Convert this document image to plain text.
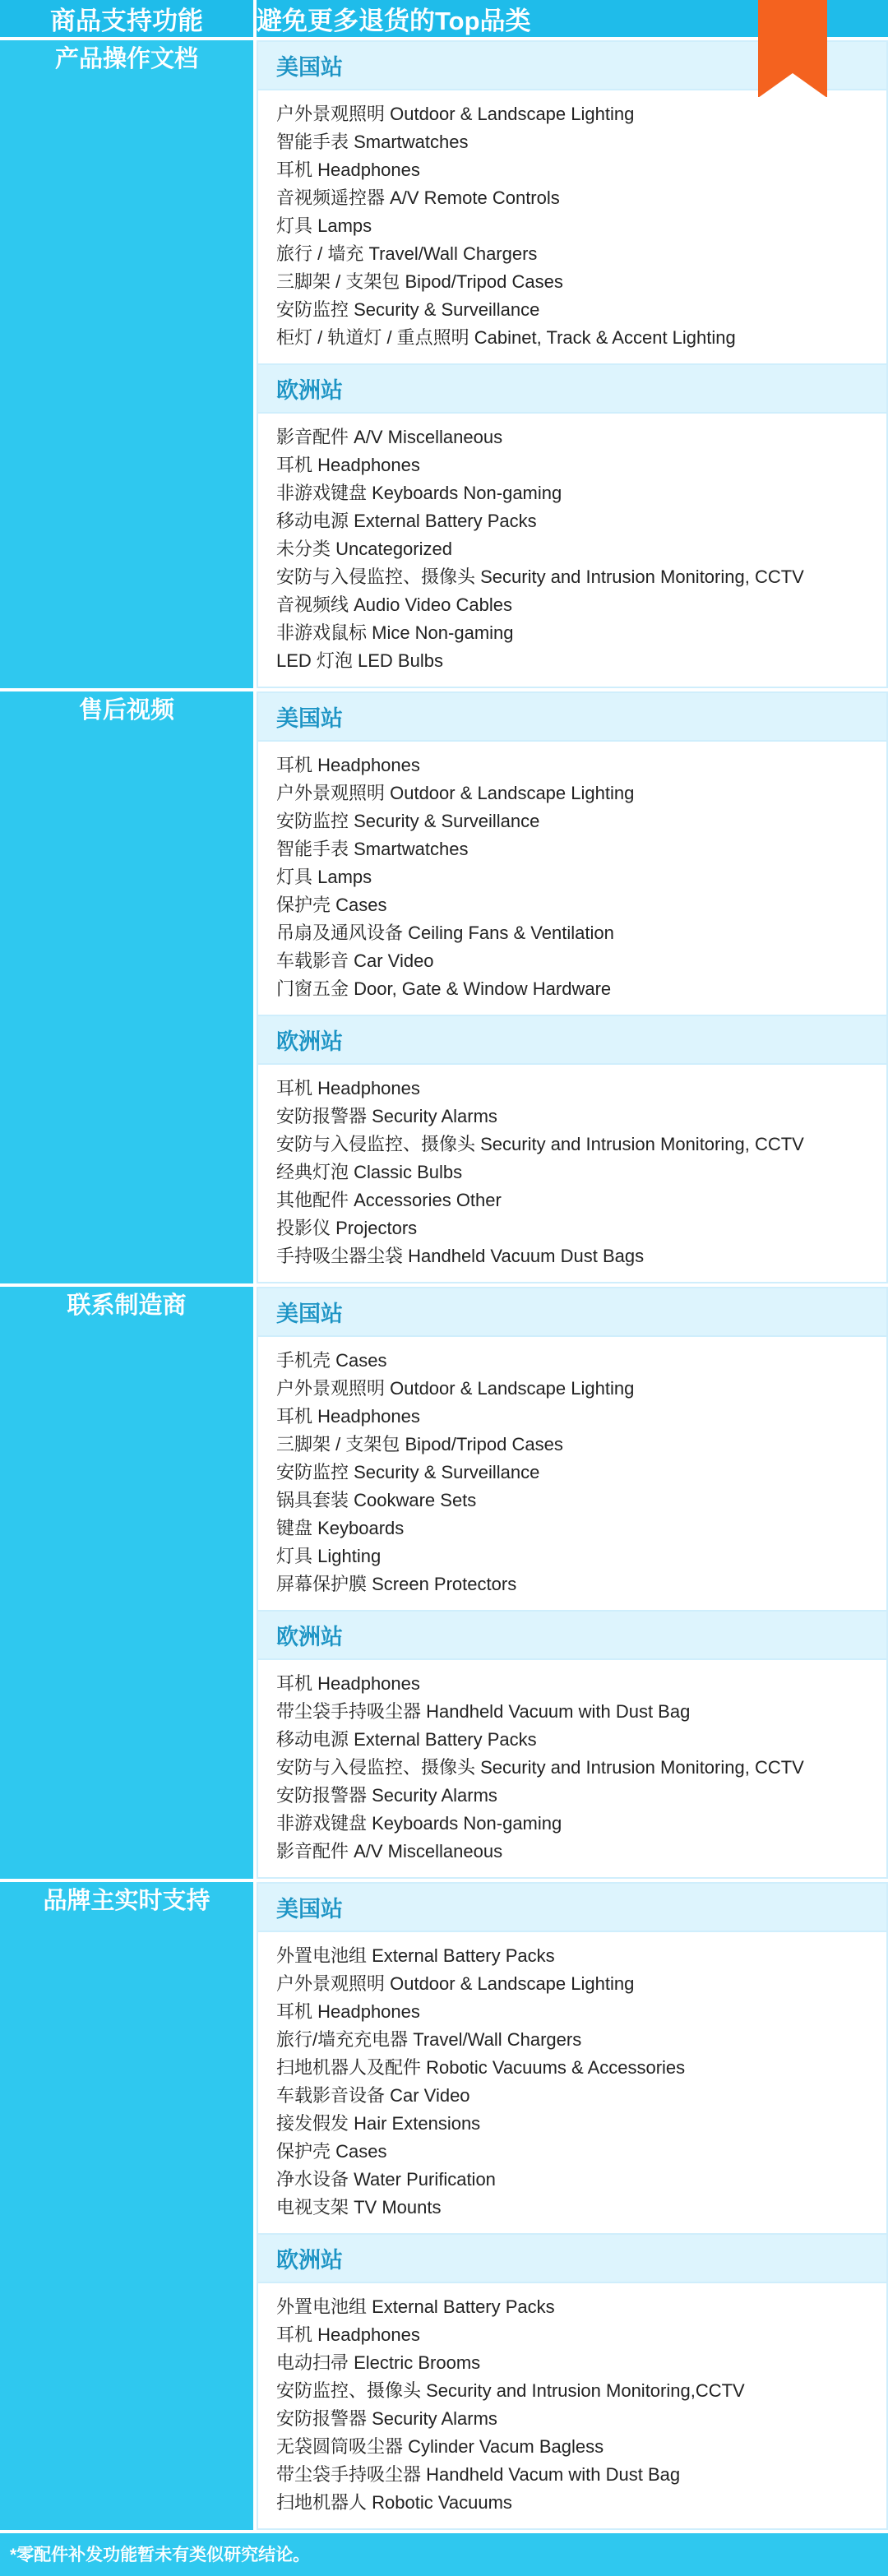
商品支持功能	避免更多退货的Top品类
产品操作文档	美国站
户外景观照明 Outdoor & Landscape Lighting
智能手表 Smartwatches
耳机 Headphones
音视频遥控器 A/V Remote Controls
灯具 Lamps
旅行 / 墙充 Travel/Wall Chargers
三脚架 / 支架包 Bipod/Tripod Cases
安防监控 Security & Surveillance
柜灯 / 轨道灯 / 重点照明 Cabinet, Track & Accent Lighting
欧洲站
影音配件 A/V Miscellaneous
耳机 Headphones
非游戏键盘 Keyboards Non-gaming
移动电源 External Battery Packs
未分类 Uncategorized
安防与入侵监控、摄像头 Security and Intrusion Monitoring, CCTV
音视频线 Audio Video Cables
非游戏鼠标 Mice Non-gaming
LED 灯泡 LED Bulbs

售后视频	美国站
耳机 Headphones
户外景观照明 Outdoor & Landscape Lighting
安防监控 Security & Surveillance
智能手表 Smartwatches
灯具 Lamps
保护壳 Cases
吊扇及通风设备 Ceiling Fans & Ventilation
车载影音 Car Video
门窗五金 Door, Gate & Window Hardware
欧洲站
耳机 Headphones
安防报警器 Security Alarms
安防与入侵监控、摄像头 Security and Intrusion Monitoring, CCTV
经典灯泡 Classic Bulbs
其他配件 Accessories Other
投影仪 Projectors
手持吸尘器尘袋 Handheld Vacuum Dust Bags

联系制造商	美国站
手机壳 Cases
户外景观照明 Outdoor & Landscape Lighting
耳机 Headphones
三脚架 / 支架包 Bipod/Tripod Cases
安防监控 Security & Surveillance
锅具套装 Cookware Sets
键盘 Keyboards
灯具 Lighting
屏幕保护膜 Screen Protectors
欧洲站
耳机 Headphones
带尘袋手持吸尘器 Handheld Vacuum with Dust Bag
移动电源 External Battery Packs
安防与入侵监控、摄像头 Security and Intrusion Monitoring, CCTV
安防报警器 Security Alarms
非游戏键盘 Keyboards Non-gaming
影音配件 A/V Miscellaneous

品牌主实时支持	美国站
外置电池组 External Battery Packs
户外景观照明 Outdoor & Landscape Lighting
耳机 Headphones
旅行/墙充充电器 Travel/Wall Chargers
扫地机器人及配件 Robotic Vacuums & Accessories
车载影音设备 Car Video
接发假发 Hair Extensions
保护壳 Cases
净水设备 Water Purification
电视支架 TV Mounts
欧洲站
外置电池组 External Battery Packs
耳机 Headphones
电动扫帚 Electric Brooms
安防监控、摄像头 Security and Intrusion Monitoring,CCTV
安防报警器 Security Alarms
无袋圆筒吸尘器 Cylinder Vacum Bagless
带尘袋手持吸尘器 Handheld Vacum with Dust Bag
扫地机器人 Robotic Vacuums
*零配件补发功能暂未有类似研究结论。
